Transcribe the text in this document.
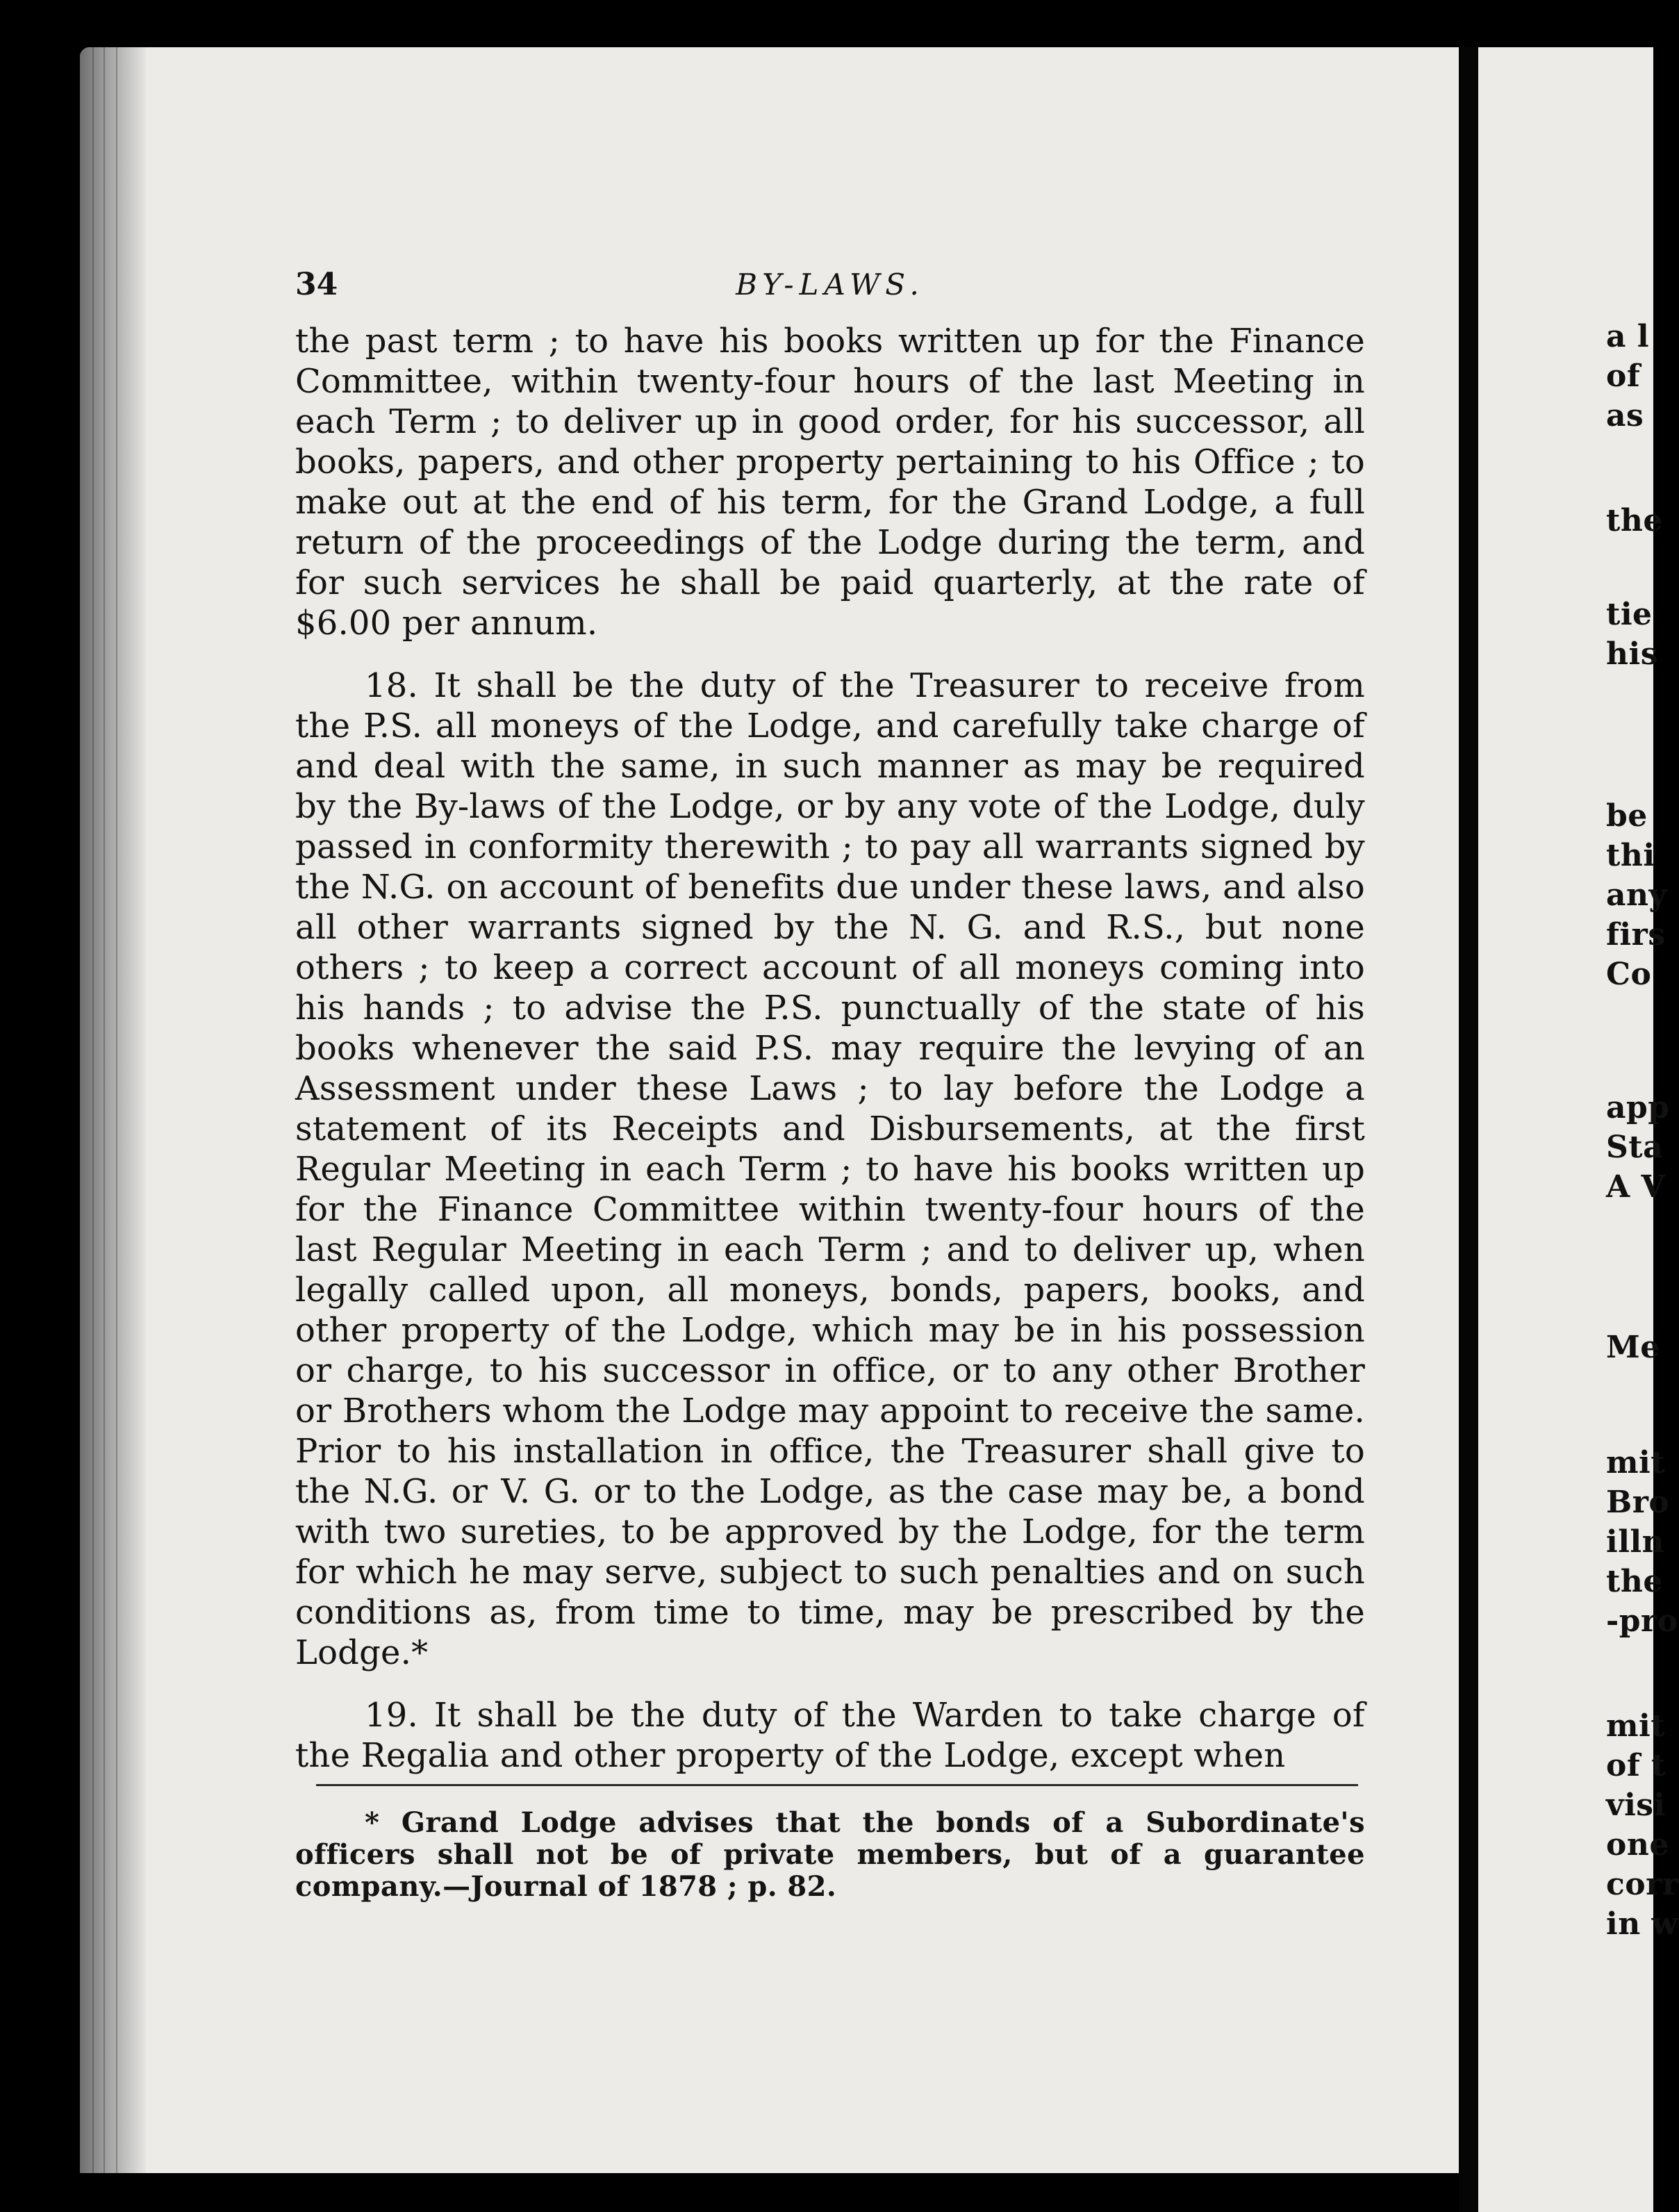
a l
of
as
the
tie
his
be
thi
any
firs
Co
app
Sta
A V
Me
mit
Bro
illn
the
-pro
mit
of t
visi
one
corr
in w
34	BY-LAWS.

the past term ; to have his books written up for the Finance Committee, within twenty-four hours of the last Meeting in each Term ; to deliver up in good order, for his successor, all books, papers, and other property pertaining to his Office ; to make out at the end of his term, for the Grand Lodge, a full return of the proceedings of the Lodge during the term, and for such services he shall be paid quarterly, at the rate of $6.00 per annum.

18. It shall be the duty of the Treasurer to receive from the P.S. all moneys of the Lodge, and carefully take charge of and deal with the same, in such manner as may be required by the By-laws of the Lodge, or by any vote of the Lodge, duly passed in conformity therewith ; to pay all warrants signed by the N.G. on account of benefits due under these laws, and also all other warrants signed by the N. G. and R.S., but none others ; to keep a correct account of all moneys coming into his hands ; to advise the P.S. punctually of the state of his books whenever the said P.S. may require the levying of an Assessment under these Laws ; to lay before the Lodge a statement of its Receipts and Disbursements, at the first Regular Meeting in each Term ; to have his books written up for the Finance Committee within twenty-four hours of the last Regular Meeting in each Term ; and to deliver up, when legally called upon, all moneys, bonds, papers, books, and other property of the Lodge, which may be in his possession or charge, to his successor in office, or to any other Brother or Brothers whom the Lodge may appoint to receive the same. Prior to his installation in office, the Treasurer shall give to the N.G. or V. G. or to the Lodge, as the case may be, a bond with two sureties, to be approved by the Lodge, for the term for which he may serve, subject to such penalties and on such conditions as, from time to time, may be prescribed by the Lodge.*

19. It shall be the duty of the Warden to take charge of the Regalia and other property of the Lodge, except when

* Grand Lodge advises that the bonds of a Subordinate's officers shall not be of private members, but of a guarantee company.—Journal of 1878 ; p. 82.
